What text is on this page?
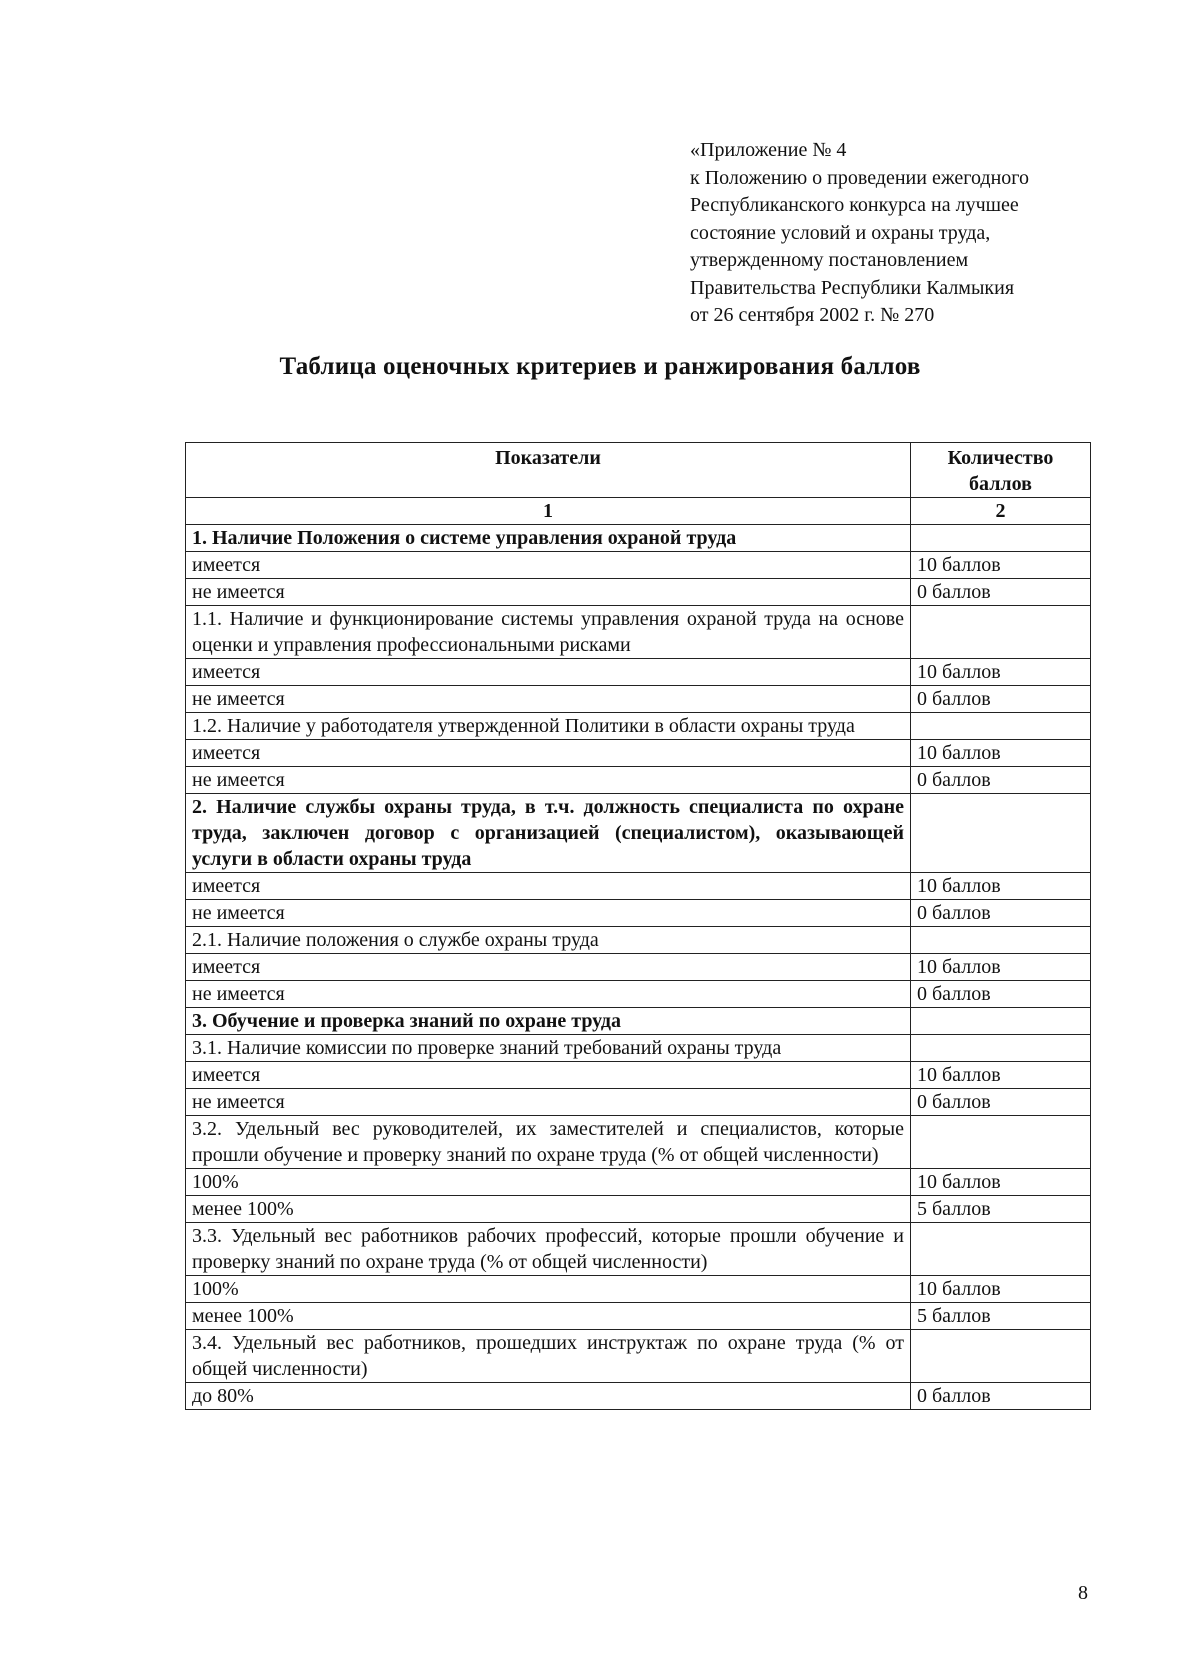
«Приложение № 4
к Положению о проведении ежегодного
Республиканского конкурса на лучшее
состояние условий и охраны труда,
утвержденному постановлением
Правительства Республики Калмыкия
от 26 сентября 2002 г. № 270
Таблица оценочных критериев и ранжирования баллов
Показатели	Количество баллов
1	2
1. Наличие Положения о системе управления охраной труда	
имеется	10 баллов
не имеется	0 баллов
1.1. Наличие и функционирование системы управления охраной труда на основе оценки и управления профессиональными рисками	
имеется	10 баллов
не имеется	0 баллов
1.2. Наличие у работодателя утвержденной Политики в области охраны труда	
имеется	10 баллов
не имеется	0 баллов
2. Наличие службы охраны труда, в т.ч. должность специалиста по охране труда, заключен договор с организацией (специалистом), оказывающей услуги в области охраны труда	
имеется	10 баллов
не имеется	0 баллов
2.1. Наличие положения о службе охраны труда	
имеется	10 баллов
не имеется	0 баллов
3. Обучение и проверка знаний по охране труда	
3.1. Наличие комиссии по проверке знаний требований охраны труда	
имеется	10 баллов
не имеется	0 баллов
3.2. Удельный вес руководителей, их заместителей и специалистов, которые прошли обучение и проверку знаний по охране труда (% от общей численности)	
100%	10 баллов
менее 100%	5 баллов
3.3. Удельный вес работников рабочих профессий, которые прошли обучение и проверку знаний по охране труда (% от общей численности)	
100%	10 баллов
менее 100%	5 баллов
3.4. Удельный вес работников, прошедших инструктаж по охране труда (% от общей численности)	
до 80%	0 баллов
8
